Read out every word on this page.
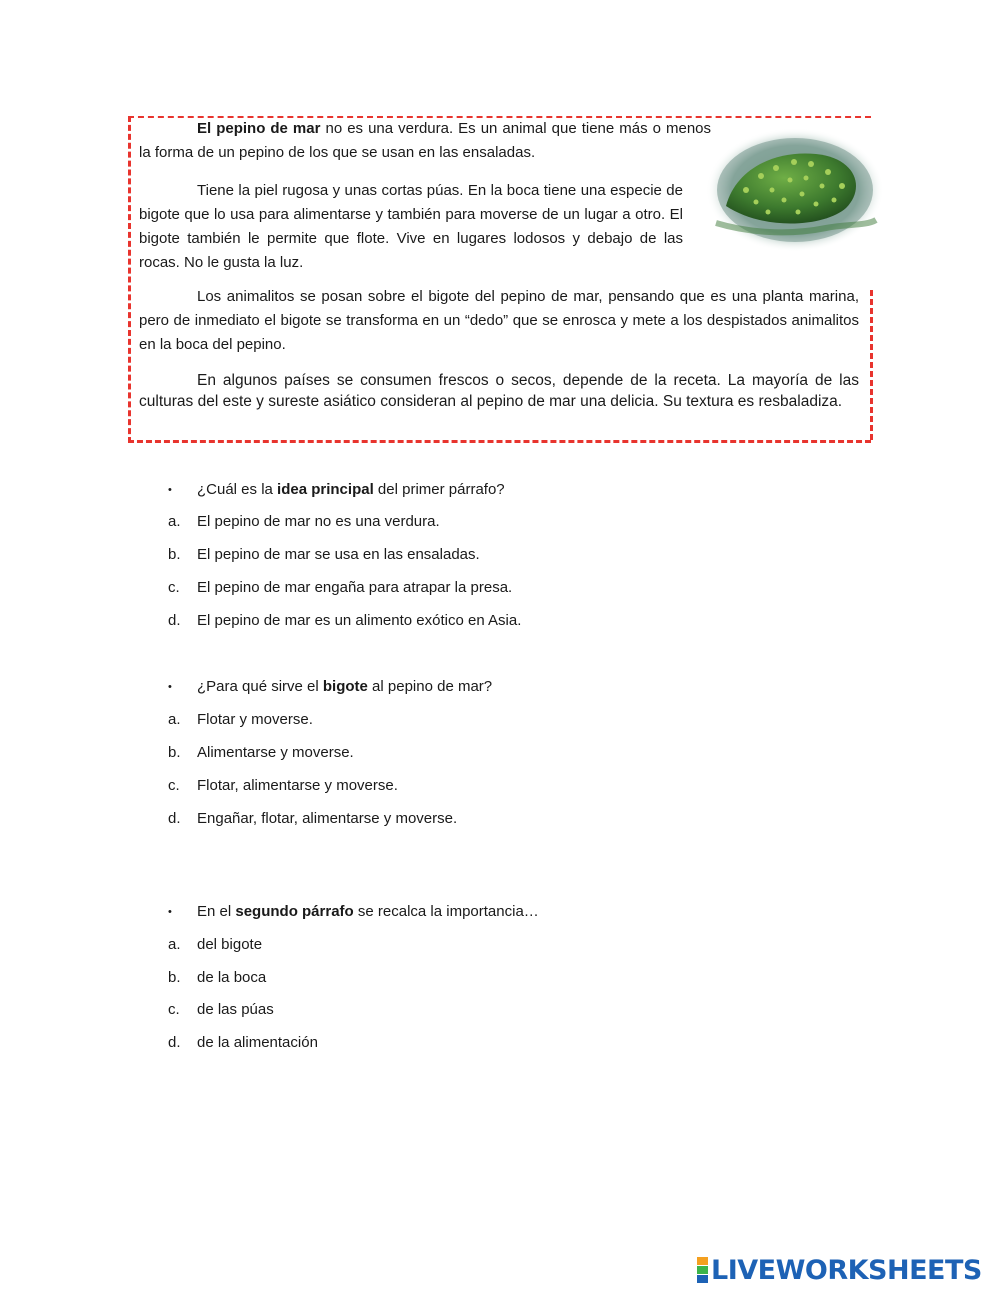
El pepino de mar no es una verdura. Es un animal que tiene más o menos la forma de un pepino de los que se usan en las ensaladas.

Tiene la piel rugosa y unas cortas púas. En la boca tiene una especie de bigote que lo usa para alimentarse y también para moverse de un lugar a otro. El bigote también le permite que flote. Vive en lugares lodosos y debajo de las rocas. No le gusta la luz.

Los animalitos se posan sobre el bigote del pepino de mar, pensando que es una planta marina, pero de inmediato el bigote se transforma en un “dedo” que se enrosca y mete a los despistados animalitos en la boca del pepino.

En algunos países se consumen frescos o secos, depende de la receta. La mayoría de las culturas del este y sureste asiático consideran al pepino de mar una delicia. Su textura es resbaladiza.

• ¿Cuál es la idea principal del primer párrafo?
a. El pepino de mar no es una verdura.
b. El pepino de mar se usa en las ensaladas.
c. El pepino de mar engaña para atrapar la presa.
d. El pepino de mar es un alimento exótico en Asia.
• ¿Para qué sirve el bigote al pepino de mar?
a. Flotar y moverse.
b. Alimentarse y moverse.
c. Flotar, alimentarse y moverse.
d. Engañar, flotar, alimentarse y moverse.
• En el segundo párrafo se recalca la importancia…
a. del bigote
b. de la boca
c. de las púas
d. de la alimentación
LIVEWORKSHEETS
